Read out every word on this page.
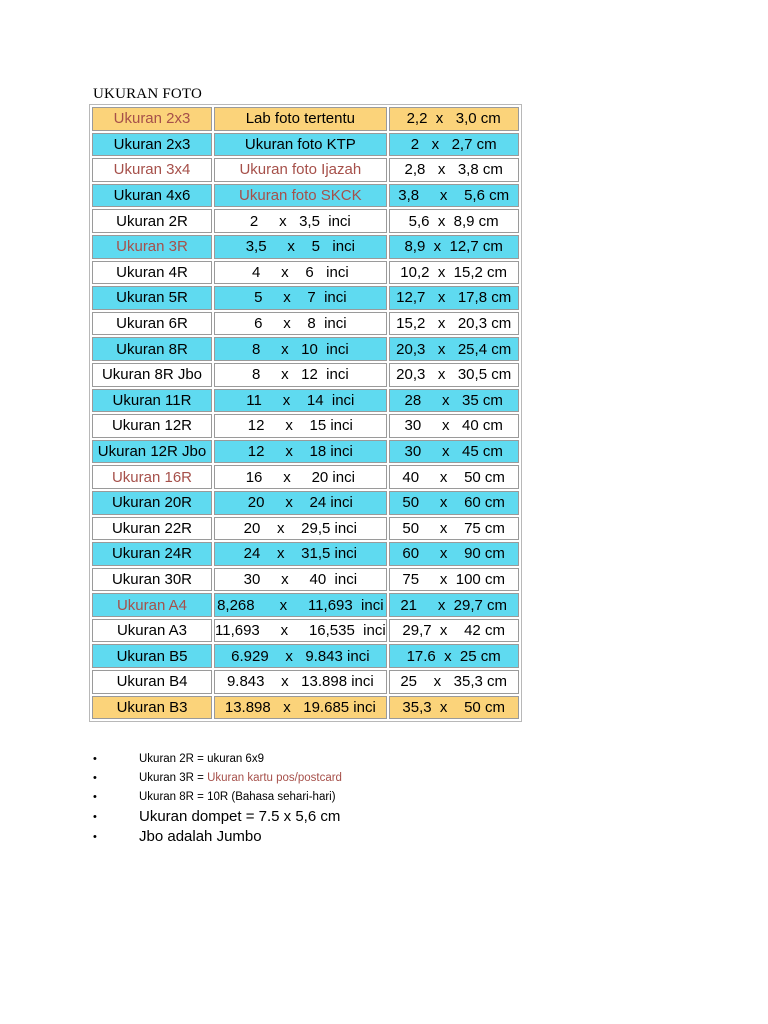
UKURAN FOTO
Ukuran 2x3	Lab foto tertentu	2,2  x   3,0 cm
Ukuran 2x3	Ukuran foto KTP	2   x   2,7 cm
Ukuran 3x4	Ukuran foto Ijazah	2,8   x   3,8 cm
Ukuran 4x6	Ukuran foto SKCK	3,8     x    5,6 cm
Ukuran 2R	2     x   3,5  inci	5,6  x  8,9 cm
Ukuran 3R	3,5     x    5   inci	8,9  x  12,7 cm
Ukuran 4R	4     x    6   inci	10,2  x  15,2 cm
Ukuran 5R	5     x    7  inci	12,7   x   17,8 cm
Ukuran 6R	6     x    8  inci	15,2   x   20,3 cm
Ukuran 8R	8     x   10  inci	20,3   x   25,4 cm
Ukuran 8R Jbo	8     x   12  inci	20,3   x   30,5 cm
Ukuran 11R	11     x    14  inci	28     x   35 cm
Ukuran 12R	12     x    15 inci	30     x   40 cm
Ukuran 12R Jbo	12     x    18 inci	30     x   45 cm
Ukuran 16R	16     x     20 inci	40     x    50 cm
Ukuran 20R	20     x    24 inci	50     x    60 cm
Ukuran 22R	20    x    29,5 inci	50     x    75 cm
Ukuran 24R	24    x    31,5 inci	60     x    90 cm
Ukuran 30R	30     x     40  inci	75     x  100 cm
Ukuran A4	8,268      x     11,693  inci	21     x  29,7 cm
Ukuran A3	11,693     x     16,535  inci	29,7  x    42 cm
Ukuran B5	6.929    x   9.843 inci	17.6  x  25 cm
Ukuran B4	9.843    x   13.898 inci	25    x   35,3 cm
Ukuran B3	13.898   x   19.685 inci	35,3  x    50 cm
•	Ukuran 2R = ukuran 6x9
•	Ukuran 3R = Ukuran kartu pos/postcard
•	Ukuran 8R = 10R (Bahasa sehari-hari)
•	Ukuran dompet = 7.5 x 5,6 cm
•	Jbo adalah Jumbo
